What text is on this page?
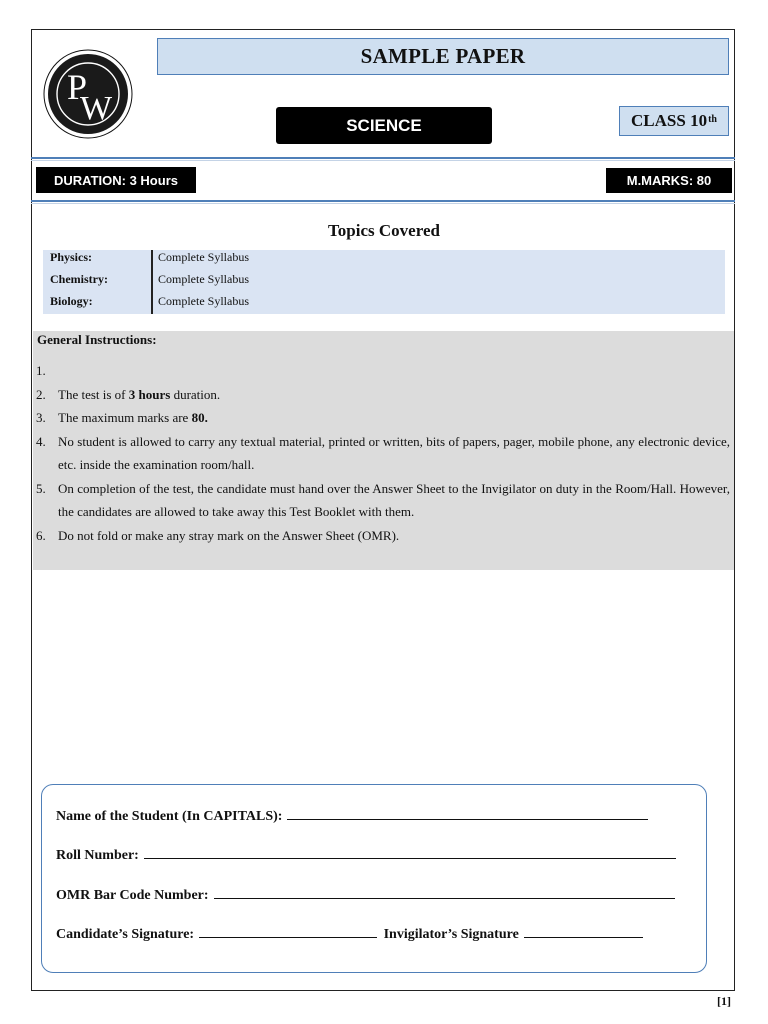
P
W
SAMPLE PAPER
SCIENCE	CLASS 10th
DURATION: 3 Hours	M.MARKS: 80
Topics Covered
Physics:	Complete Syllabus
Chemistry:	Complete Syllabus
Biology:	Complete Syllabus
General Instructions:
1.

2. The test is of 3 hours duration.
3. The maximum marks are 80.
4. No student is allowed to carry any textual material, printed or written, bits of papers, pager, mobile phone, any electronic device, etc. inside the examination room/hall.
5. On completion of the test, the candidate must hand over the Answer Sheet to the Invigilator on duty in the Room/Hall. However, the candidates are allowed to take away this Test Booklet with them.
6. Do not fold or make any stray mark on the Answer Sheet (OMR).
Name of the Student (In CAPITALS):
Roll Number:
OMR Bar Code Number:
Candidate’s Signature:	Invigilator’s Signature
[1]
